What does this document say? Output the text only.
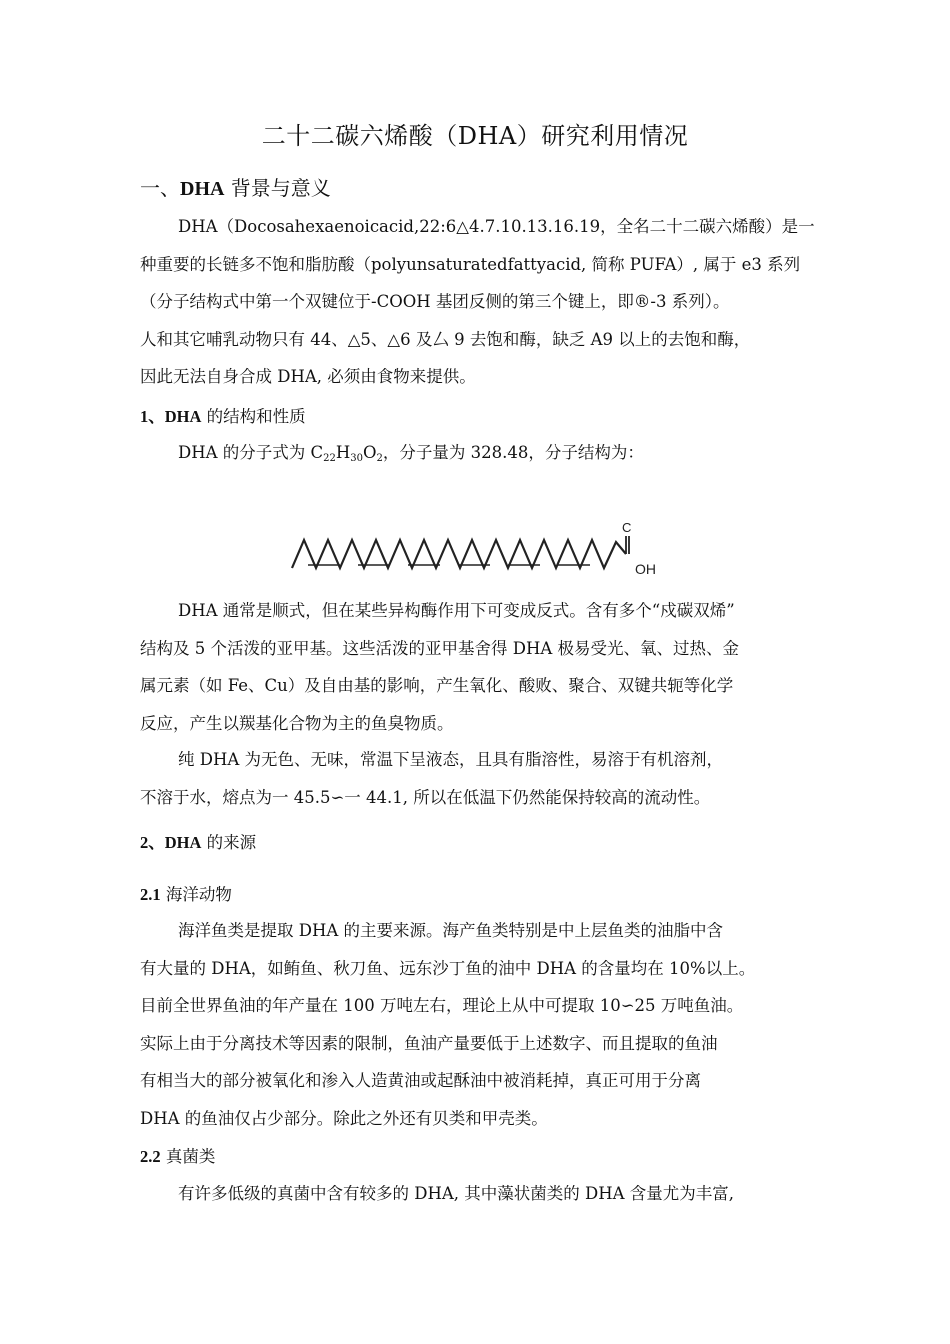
二十二碳六烯酸（DHA）研究利用情况
一、DHA 背景与意义
DHA（Docosahexaenoicacid,22:6△4.7.10.13.16.19，全名二十二碳六烯酸）是一
种重要的长链多不饱和脂肪酸（polyunsaturatedfattyacid, 简称 PUFA）, 属于 e3 系列
（分子结构式中第一个双键位于-COOH 基团反侧的第三个键上，即®-3 系列）。
人和其它哺乳动物只有 44、△5、△6 及厶 9 去饱和酶，缺乏 A9 以上的去饱和酶，
因此无法自身合成 DHA, 必须由食物来提供。
1、DHA 的结构和性质
DHA 的分子式为 $C_{22}H_{30}O_2$，分子量为 328.48，分子结构为：
C
OH
DHA 通常是顺式，但在某些异构酶作用下可变成反式。含有多个“戍碳双烯”
结构及 5 个活泼的亚甲基。这些活泼的亚甲基舍得 DHA 极易受光、氧、过热、金
属元素（如 Fe、Cu）及自由基的影响，产生氧化、酸败、聚合、双键共轭等化学
反应，产生以羰基化合物为主的鱼臭物质。
纯 DHA 为无色、无味，常温下呈液态，且具有脂溶性，易溶于有机溶剂，
不溶于水，熔点为一 45.5∽一 44.1, 所以在低温下仍然能保持较高的流动性。
2、DHA 的来源
2.1 海洋动物
海洋鱼类是提取 DHA 的主要来源。海产鱼类特别是中上层鱼类的油脂中含
有大量的 DHA，如鲔鱼、秋刀鱼、远东沙丁鱼的油中 DHA 的含量均在 10%以上。
目前全世界鱼油的年产量在 100 万吨左右，理论上从中可提取 10∽25 万吨鱼油。
实际上由于分离技术等因素的限制，鱼油产量要低于上述数字、而且提取的鱼油
有相当大的部分被氧化和渗入人造黄油或起酥油中被消耗掉，真正可用于分离
DHA 的鱼油仅占少部分。除此之外还有贝类和甲壳类。
2.2 真菌类
有许多低级的真菌中含有较多的 DHA, 其中藻状菌类的 DHA 含量尤为丰富,
